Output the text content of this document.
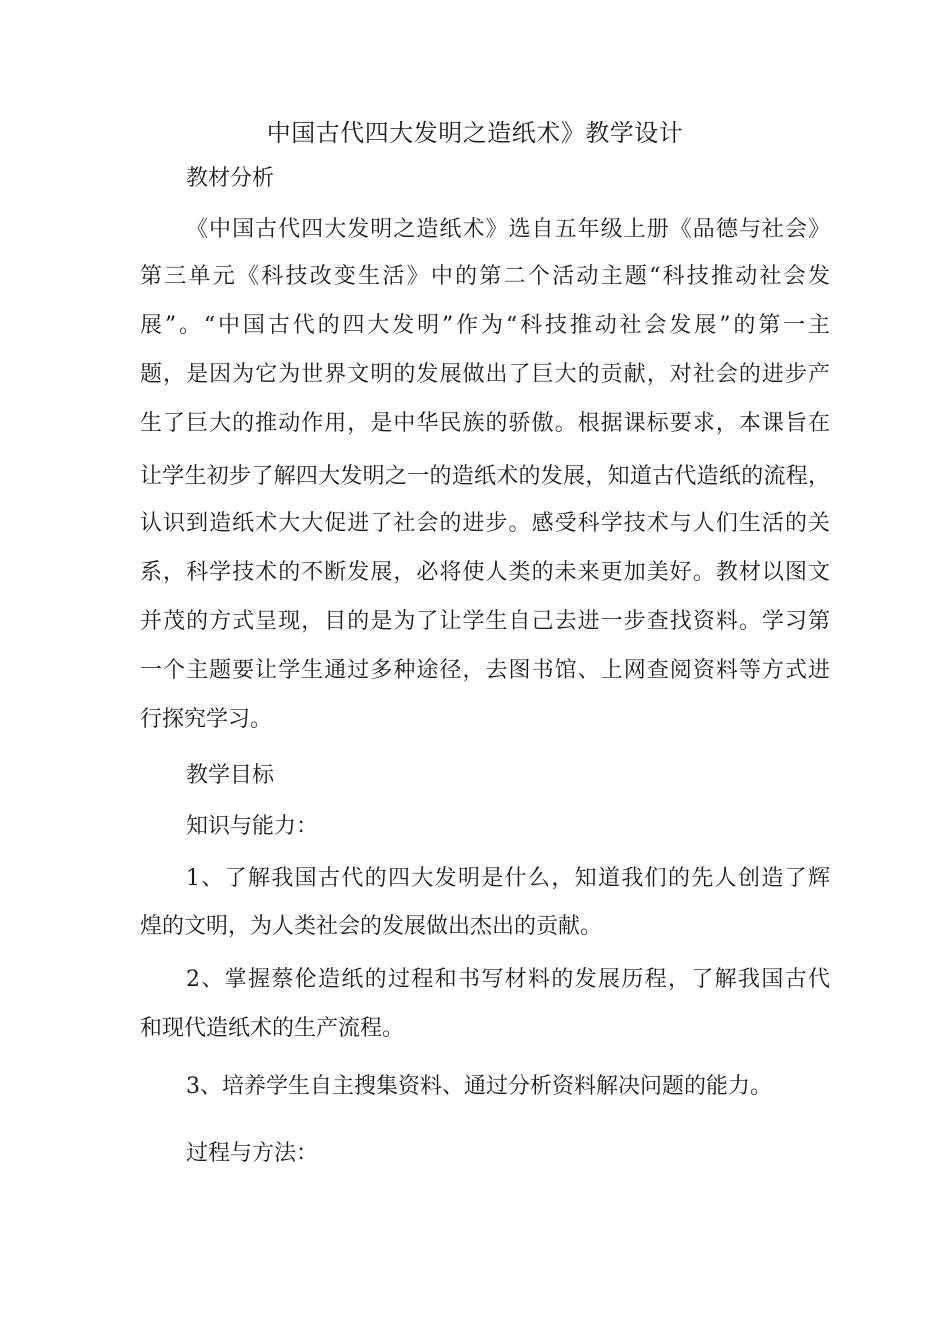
中国古代四大发明之造纸术》教学设计
教材分析
《中国古代四大发明之造纸术》选自五年级上册《品德与社会》
第三单元《科技改变生活》中的第二个活动主题“科技推动社会发
展”。“中国古代的四大发明”作为“科技推动社会发展”的第一主
题，是因为它为世界文明的发展做出了巨大的贡献，对社会的进步产
生了巨大的推动作用，是中华民族的骄傲。根据课标要求，本课旨在
让学生初步了解四大发明之一的造纸术的发展，知道古代造纸的流程，
认识到造纸术大大促进了社会的进步。感受科学技术与人们生活的关
系，科学技术的不断发展，必将使人类的未来更加美好。教材以图文
并茂的方式呈现，目的是为了让学生自己去进一步查找资料。学习第
一个主题要让学生通过多种途径，去图书馆、上网查阅资料等方式进
行探究学习。
教学目标
知识与能力：
1、了解我国古代的四大发明是什么，知道我们的先人创造了辉
煌的文明，为人类社会的发展做出杰出的贡献。
2、掌握蔡伦造纸的过程和书写材料的发展历程，了解我国古代
和现代造纸术的生产流程。
3、培养学生自主搜集资料、通过分析资料解决问题的能力。
过程与方法：
